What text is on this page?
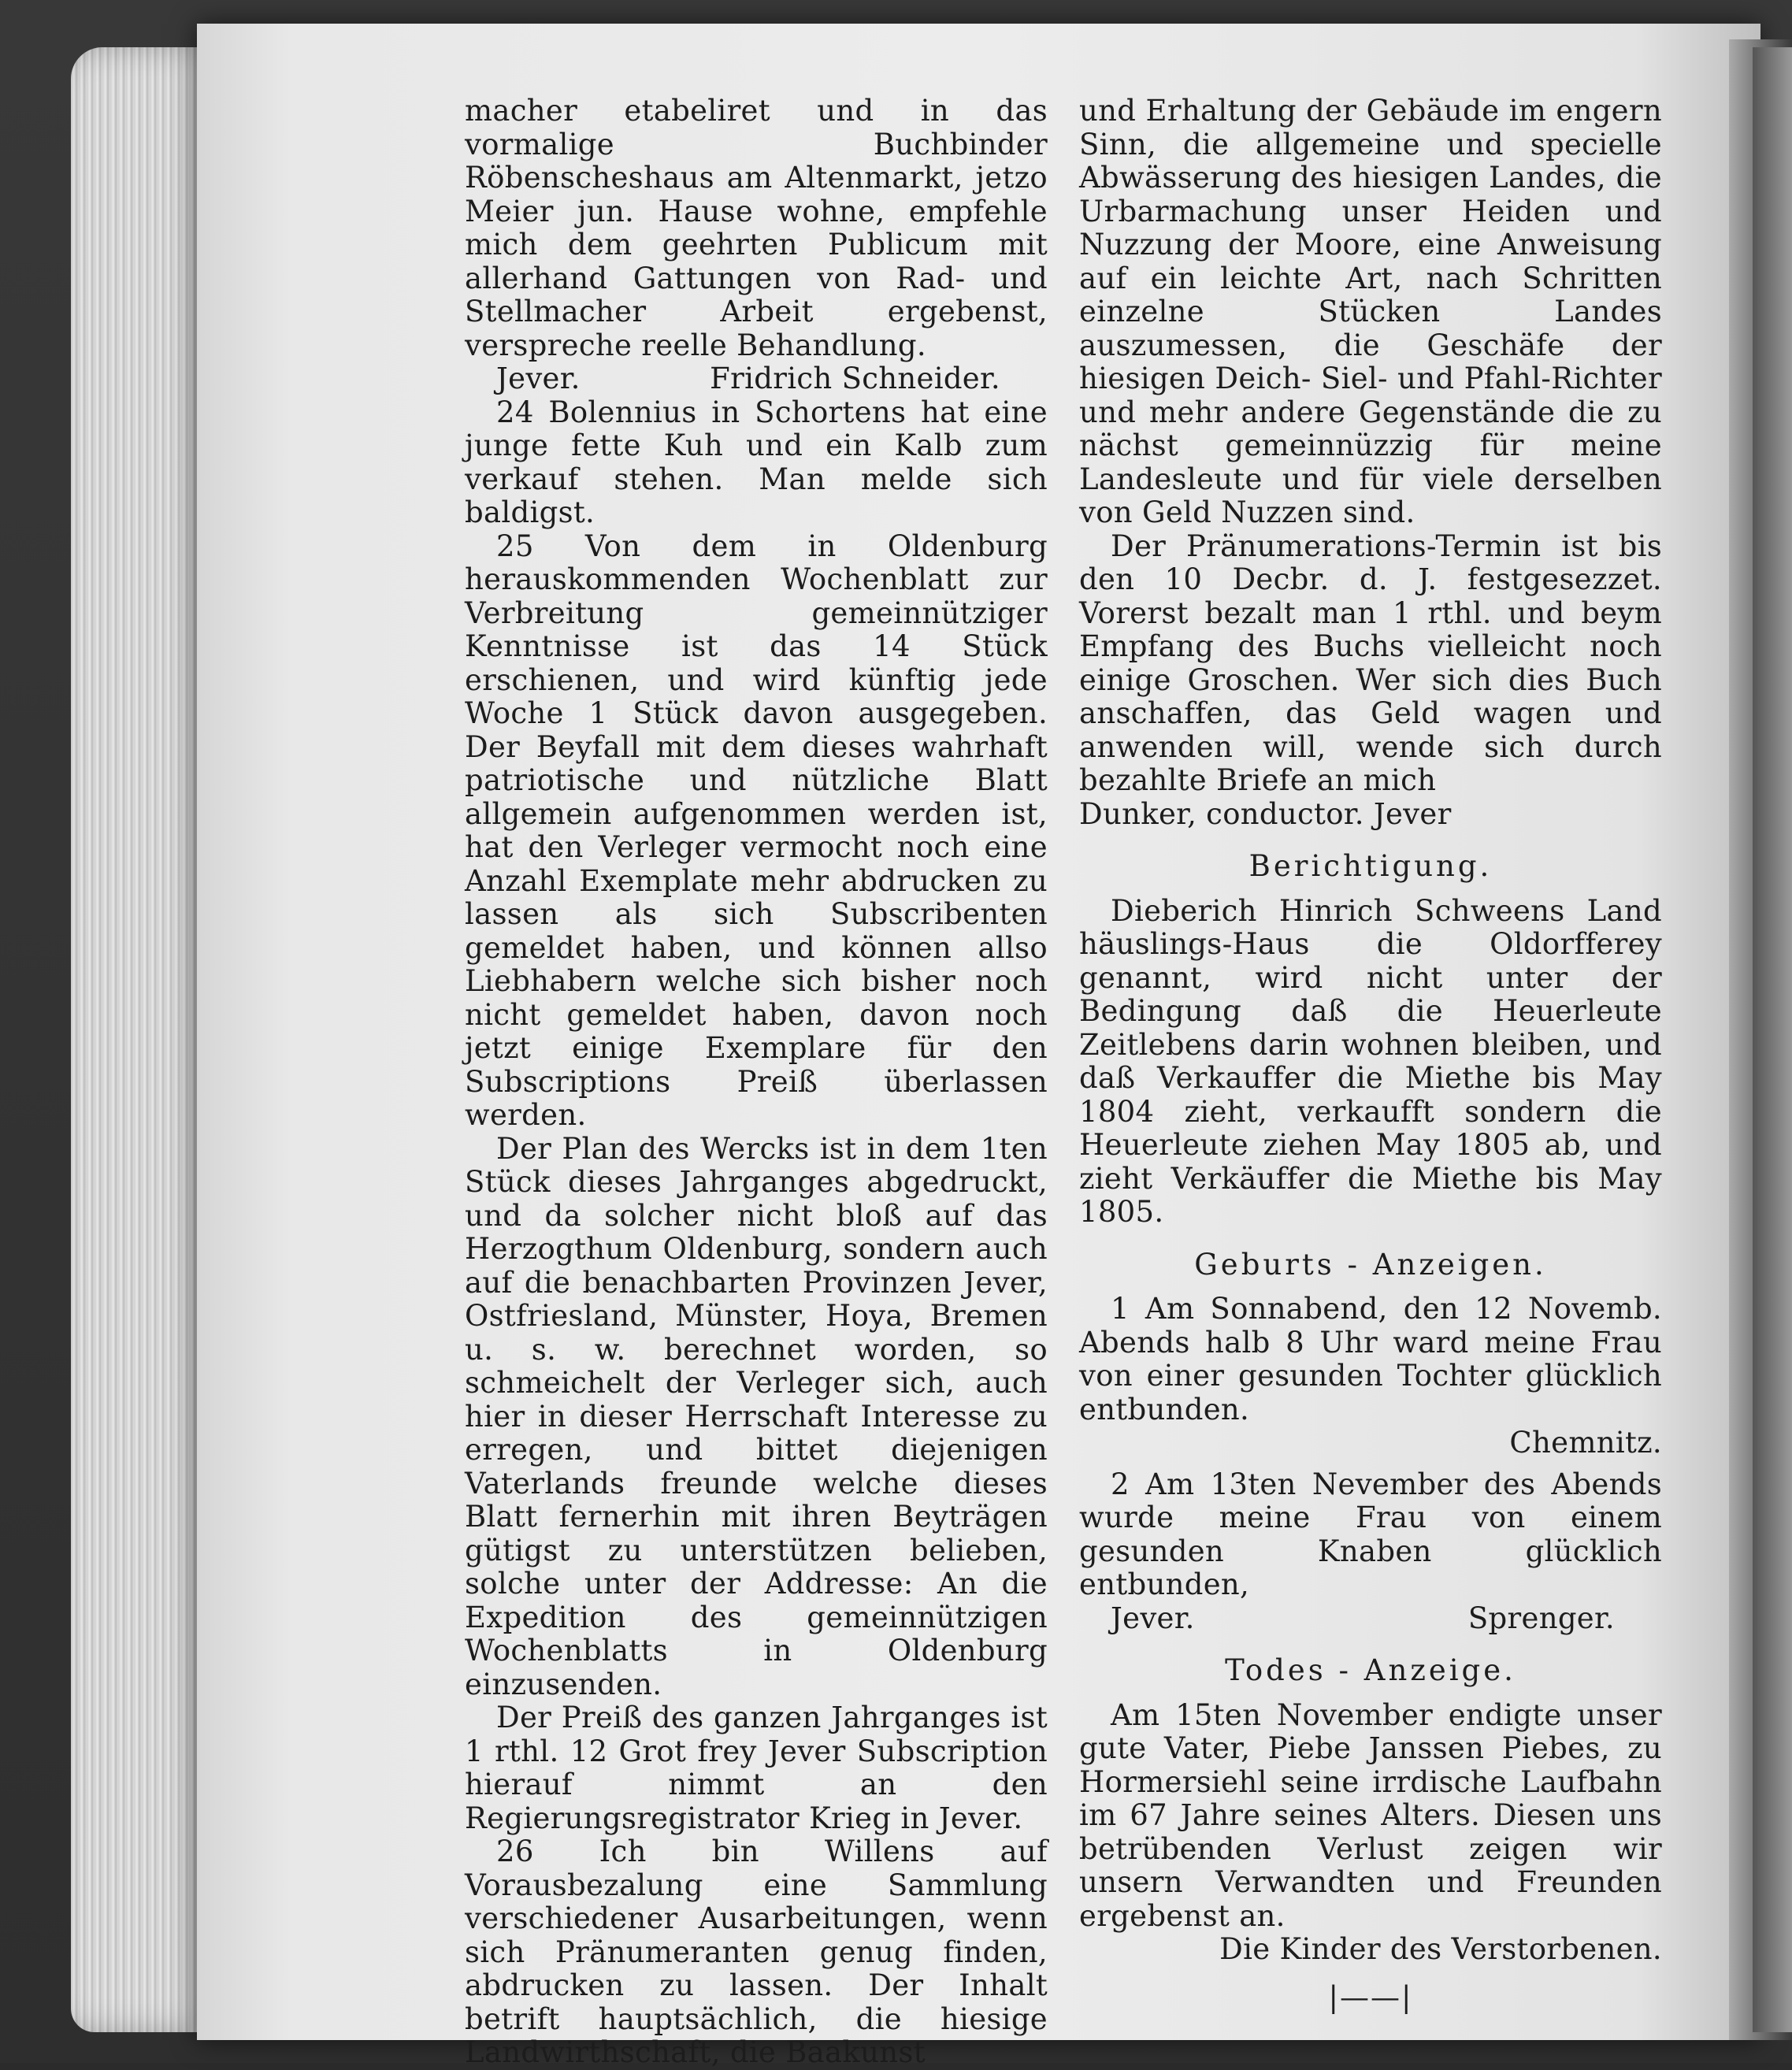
macher etabeliret und in das vormalige Buchbinder Röbenscheshaus am Altenmarkt, jetzo Meier jun. Hause wohne, empfehle mich dem geehrten Publicum mit allerhand Gattungen von Rad- und Stellmacher Arbeit ergebenst, verspreche reelle Behandlung.

Jever.	Fridrich Schneider.

24 Bolennius in Schortens hat eine junge fette Kuh und ein Kalb zum verkauf stehen. Man melde sich baldigst.

25 Von dem in Oldenburg herauskommenden Wochenblatt zur Verbreitung gemeinnütziger Kenntnisse ist das 14 Stück erschienen, und wird künftig jede Woche 1 Stück davon ausgegeben. Der Beyfall mit dem dieses wahrhaft patriotische und nützliche Blatt allgemein aufgenommen werden ist, hat den Verleger vermocht noch eine Anzahl Exemplate mehr abdrucken zu lassen als sich Subscribenten gemeldet haben, und können allso Liebhabern welche sich bisher noch nicht gemeldet haben, davon noch jetzt einige Exemplare für den Subscriptions Preiß überlassen werden.

Der Plan des Wercks ist in dem 1ten Stück dieses Jahrganges abgedruckt, und da solcher nicht bloß auf das Herzogthum Oldenburg, sondern auch auf die benachbarten Provinzen Jever, Ostfriesland, Münster, Hoya, Bremen u. s. w. berechnet worden, so schmeichelt der Verleger sich, auch hier in dieser Herrschaft Interesse zu erregen, und bittet diejenigen Vaterlands freunde welche dieses Blatt fernerhin mit ihren Beyträgen gütigst zu unterstützen belieben, solche unter der Addresse: An die Expedition des gemeinnützigen Wochenblatts in Oldenburg einzusenden.

Der Preiß des ganzen Jahrganges ist 1 rthl. 12 Grot frey Jever Subscription hierauf nimmt an den Regierungsregistrator Krieg in Jever.

26 Ich bin Willens auf Vorausbezalung eine Sammlung verschiedener Ausarbeitungen, wenn sich Pränumeranten genug finden, abdrucken zu lassen. Der Inhalt betrift hauptsächlich, die hiesige Landwirthschaft, die Baakunst

und Erhaltung der Gebäude im engern Sinn, die allgemeine und specielle Abwässerung des hiesigen Landes, die Urbarmachung unser Heiden und Nuzzung der Moore, eine Anweisung auf ein leichte Art, nach Schritten einzelne Stücken Landes auszumessen, die Geschäfe der hiesigen Deich- Siel- und Pfahl-Richter und mehr andere Gegenstände die zu nächst gemeinnüzzig für meine Landesleute und für viele derselben von Geld Nuzzen sind.

Der Pränumerations-Termin ist bis den 10 Decbr. d. J. festgesezzet. Vorerst bezalt man 1 rthl. und beym Empfang des Buchs vielleicht noch einige Groschen. Wer sich dies Buch anschaffen, das Geld wagen und anwenden will, wende sich durch bezahlte Briefe an mich

Dunker, conductor. Jever

Berichtigung.

Dieberich Hinrich Schweens Land häuslings-Haus die Oldorfferey genannt, wird nicht unter der Bedingung daß die Heuerleute Zeitlebens darin wohnen bleiben, und daß Verkauffer die Miethe bis May 1804 zieht, verkaufft sondern die Heuerleute ziehen May 1805 ab, und zieht Verkäuffer die Miethe bis May 1805.

Geburts - Anzeigen.

1 Am Sonnabend, den 12 Novemb. Abends halb 8 Uhr ward meine Frau von einer gesunden Tochter glücklich entbunden.

Chemnitz.

2 Am 13ten Nevember des Abends wurde meine Frau von einem gesunden Knaben glücklich entbunden,

Jever.	Sprenger.

Todes - Anzeige.

Am 15ten November endigte unser gute Vater, Piebe Janssen Piebes, zu Hormersiehl seine irrdische Laufbahn im 67 Jahre seines Alters. Diesen uns betrübenden Verlust zeigen wir unsern Verwandten und Freunden ergebenst an.

Die Kinder des Verstorbenen.

|——|
